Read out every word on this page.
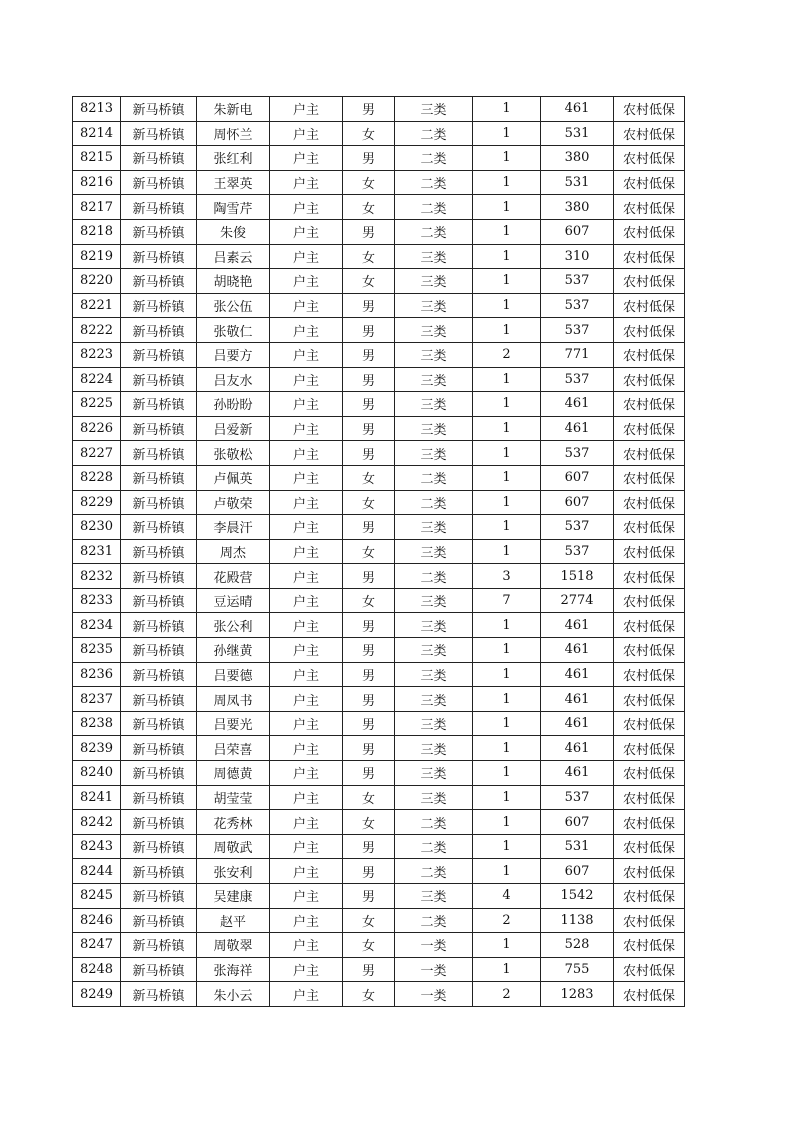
8213	新马桥镇	朱新电	户主	男	三类	1	461	农村低保
8214	新马桥镇	周怀兰	户主	女	二类	1	531	农村低保
8215	新马桥镇	张红利	户主	男	二类	1	380	农村低保
8216	新马桥镇	王翠英	户主	女	二类	1	531	农村低保
8217	新马桥镇	陶雪芹	户主	女	二类	1	380	农村低保
8218	新马桥镇	朱俊	户主	男	二类	1	607	农村低保
8219	新马桥镇	吕素云	户主	女	三类	1	310	农村低保
8220	新马桥镇	胡晓艳	户主	女	三类	1	537	农村低保
8221	新马桥镇	张公伍	户主	男	三类	1	537	农村低保
8222	新马桥镇	张敬仁	户主	男	三类	1	537	农村低保
8223	新马桥镇	吕要方	户主	男	三类	2	771	农村低保
8224	新马桥镇	吕友水	户主	男	三类	1	537	农村低保
8225	新马桥镇	孙盼盼	户主	男	三类	1	461	农村低保
8226	新马桥镇	吕爱新	户主	男	三类	1	461	农村低保
8227	新马桥镇	张敬松	户主	男	三类	1	537	农村低保
8228	新马桥镇	卢佩英	户主	女	二类	1	607	农村低保
8229	新马桥镇	卢敬荣	户主	女	二类	1	607	农村低保
8230	新马桥镇	李晨汗	户主	男	三类	1	537	农村低保
8231	新马桥镇	周杰	户主	女	三类	1	537	农村低保
8232	新马桥镇	花殿营	户主	男	二类	3	1518	农村低保
8233	新马桥镇	豆运晴	户主	女	三类	7	2774	农村低保
8234	新马桥镇	张公利	户主	男	三类	1	461	农村低保
8235	新马桥镇	孙继黄	户主	男	三类	1	461	农村低保
8236	新马桥镇	吕要德	户主	男	三类	1	461	农村低保
8237	新马桥镇	周凤书	户主	男	三类	1	461	农村低保
8238	新马桥镇	吕要光	户主	男	三类	1	461	农村低保
8239	新马桥镇	吕荣喜	户主	男	三类	1	461	农村低保
8240	新马桥镇	周德黄	户主	男	三类	1	461	农村低保
8241	新马桥镇	胡莹莹	户主	女	三类	1	537	农村低保
8242	新马桥镇	花秀林	户主	女	二类	1	607	农村低保
8243	新马桥镇	周敬武	户主	男	二类	1	531	农村低保
8244	新马桥镇	张安利	户主	男	二类	1	607	农村低保
8245	新马桥镇	吴建康	户主	男	三类	4	1542	农村低保
8246	新马桥镇	赵平	户主	女	二类	2	1138	农村低保
8247	新马桥镇	周敬翠	户主	女	一类	1	528	农村低保
8248	新马桥镇	张海祥	户主	男	一类	1	755	农村低保
8249	新马桥镇	朱小云	户主	女	一类	2	1283	农村低保
